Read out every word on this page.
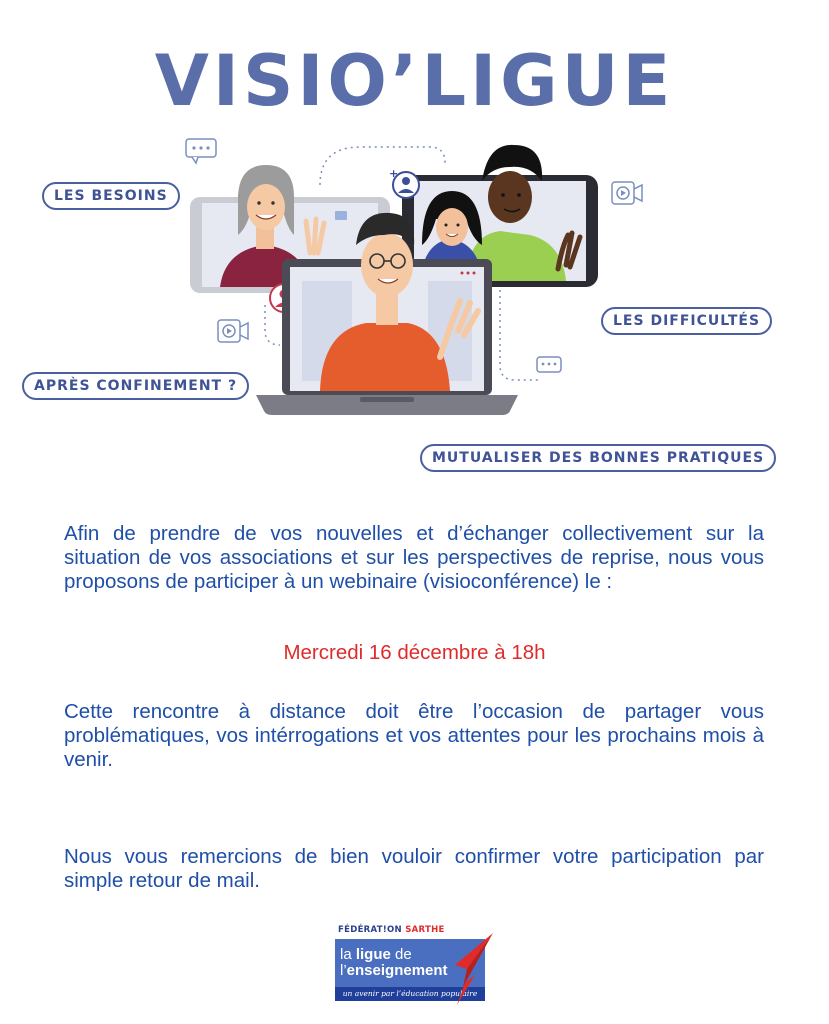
VISIO’LIGUE
LES BESOINS
LES DIFFICULTÉS
APRÈS CONFINEMENT ?
MUTUALISER DES BONNES PRATIQUES
+
Afin de prendre de vos nouvelles et d’échanger collectivement sur la situation de vos associations et sur les perspectives de reprise, nous vous proposons de participer à un webinaire (visioconférence) le :
Mercredi 16 décembre à 18h
Cette rencontre à distance doit être l’occasion de partager vous problématiques, vos intérrogations et vos attentes pour les prochains mois à venir.
Nous vous remercions de bien vouloir confirmer votre participation par simple retour de mail.
FÉDÉRAT!ON SARTHE
la ligue de
l’enseignement
un avenir par l’éducation populaire
